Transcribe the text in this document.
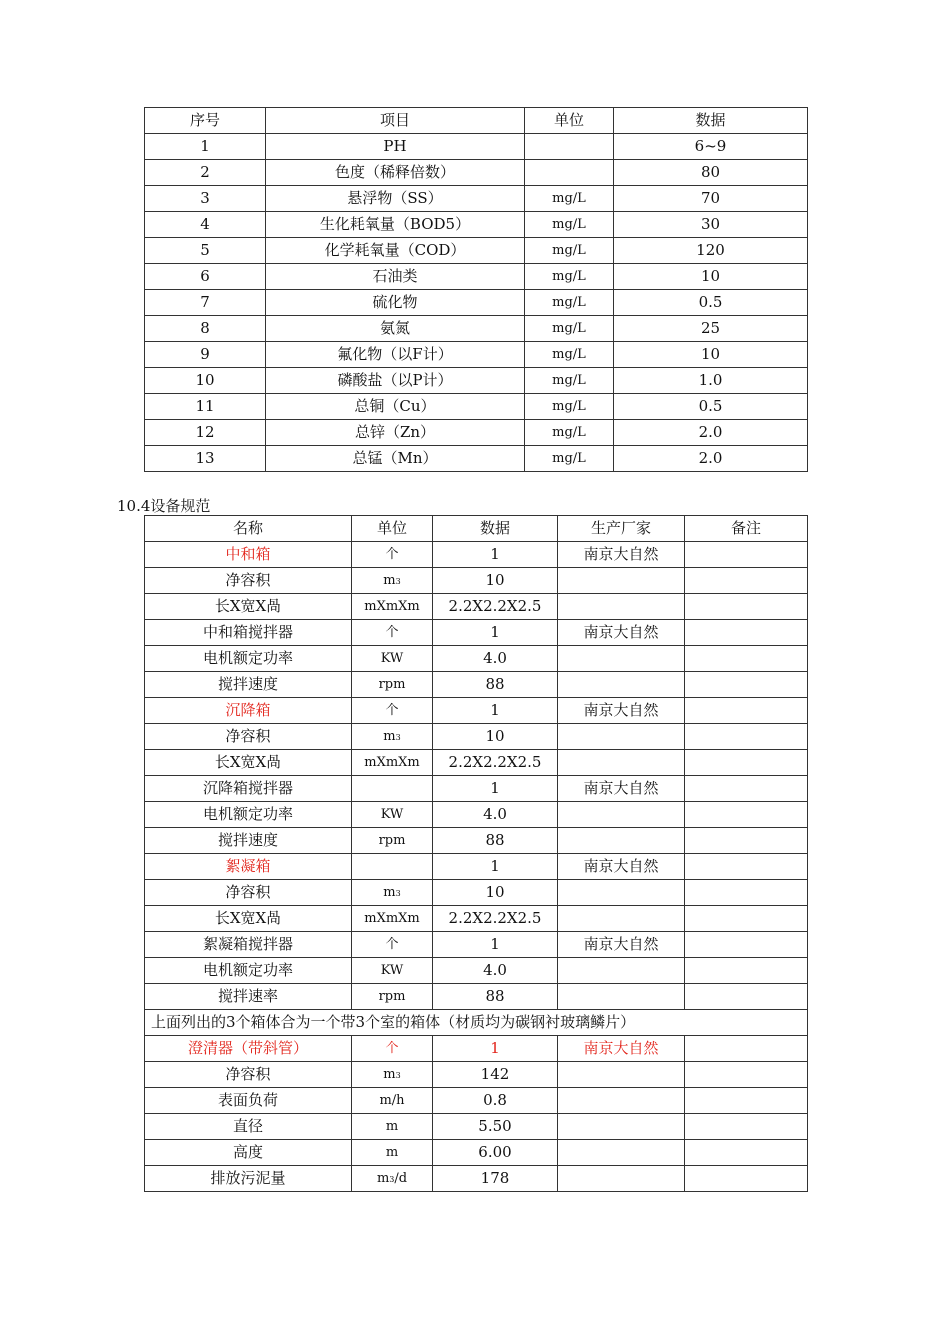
序号	项目	单位	数据
1	PH		6~9
2	色度（稀释倍数）		80
3	悬浮物（SS）	mg/L	70
4	生化耗氧量（BOD5）	mg/L	30
5	化学耗氧量（COD）	mg/L	120
6	石油类	mg/L	10
7	硫化物	mg/L	0.5
8	氨氮	mg/L	25
9	氟化物（以F计）	mg/L	10
10	磷酸盐（以P计）	mg/L	1.0
11	总铜（Cu）	mg/L	0.5
12	总锌（Zn）	mg/L	2.0
13	总锰（Mn）	mg/L	2.0
10.4设备规范
名称	单位	数据	生产厂家	备注
中和箱	个	1	南京大自然	
净容积	m3	10		
长X宽X咼	mXmXm	2.2X2.2X2.5		
中和箱搅拌器	个	1	南京大自然	
电机额定功率	KW	4.0		
搅拌速度	rpm	88		
沉降箱	个	1	南京大自然	
净容积	m3	10		
长X宽X咼	mXmXm	2.2X2.2X2.5		
沉降箱搅拌器		1	南京大自然	
电机额定功率	KW	4.0		
搅拌速度	rpm	88		
絮凝箱		1	南京大自然	
净容积	m3	10		
长X宽X咼	mXmXm	2.2X2.2X2.5		
絮凝箱搅拌器	个	1	南京大自然	
电机额定功率	KW	4.0		
搅拌速率	rpm	88		
上面列出的3个箱体合为一个带3个室的箱体（材质均为碳钢衬玻璃鳞片）				
澄清器（带斜管）	个	1	南京大自然	
净容积	m3	142		
表面负荷	m/h	0.8		
直径	m	5.50		
高度	m	6.00		
排放污泥量	m3/d	178		
